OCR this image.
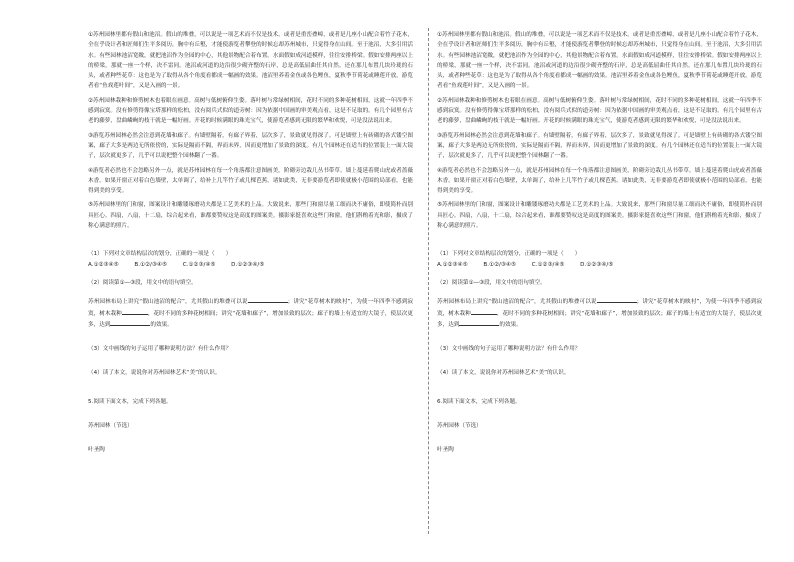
①苏州园林里都有假山和池沼。假山的堆叠，可以说是一项艺术而不仅是技术。或者是重峦叠嶂，或者是几座小山配合着竹子花木，全在乎设计者和匠师们生平多阅历，胸中有丘壑，才能使游览者攀登的时候忘却苏州城市，只觉得身在山间。至于池沼，大多引用活水。有些园林池沼宽敞，就把池沼作为全园的中心，其他景物配合着布置。水面假如成河道模样，往往安排桥梁。假如安排两座以上的桥梁，那就一座一个样，决不雷同。池沼或河道的边沿很少砌齐整的石岸，总是高低屈曲任其自然。还在那儿布置几块玲珑的石头，或者种些花草：这也是为了取得从各个角度看都成一幅画的效果。池沼里养着金鱼或各色鲤鱼，夏秋季节荷花或睡莲开放，游览者看“鱼戏莲叶间”，又是入画的一景。

②苏州园林栽种和修剪树木也着眼在画意。高树与低树俯仰生姿。落叶树与常绿树相间，花时不同的多种花树相间，这就一年四季不感到寂寞。没有修剪得像宝塔那样的松柏，没有阅兵式似的道旁树：因为依据中国画的审美观点看，这是不足取的。有几个园里有古老的藤萝，盘曲嶙峋的枝干就是一幅好画。开花的时候满眼的珠光宝气，使游览者感到无限的繁华和欢悦，可是没法说出来。

③游览苏州园林必然会注意到花墙和廊子。有墙壁隔着，有廊子界着，层次多了，景致就见得深了。可是墙壁上有砖砌的各式镂空图案，廊子大多是两边无所依傍的，实际是隔而不隔，界而未界，因而更增加了景致的深度。有几个园林还在适当的位置装上一面大镜子，层次就更多了，几乎可以说把整个园林翻了一番。

④游览者必然也不会忽略另外一点，就是苏州园林在每一个角落都注意图画美。阶砌旁边栽几丛书带草。墙上蔓延着爬山虎或者蔷薇木香。如果开窗正对着白色墙壁，太单调了，给补上几竿竹子或几棵芭蕉。诸如此类，无非要游览者即使就极小范围的局部看，也能得到美的享受。

⑤苏州园林里的门和窗，图案设计和雕镂琢磨功夫都是工艺美术的上品。大致说来，那些门和窗尽量工细而决不庸俗，即使简朴而别具匠心。四扇，八扇，十二扇，综合起来看，谁都要赞叹这是高度的图案美。摄影家挺喜欢这些门和窗，他们斟酌着光和影，摄成了称心满意的照片。

（1）下列对文章结构层次的划分，正确的一项是（　　）

A.①②③④⑤	B.①②/③④⑤	C.①②③/④⑤	D.①②③④/⑤

（2）阅读第①—③段，用文中的语句填空。

苏州园林布局上讲究“假山池沼的配合”，尤其假山的堆叠可以说	；讲究“花草树木的映衬”，为使一年四季不感到寂寞，树木栽种	，花时不同的多种花树相间；讲究“花墙和廊子”，增加景致的层次；廊子的墙上有适宜的大镜子，使层次更多，达到	的效果。

（3）文中画线的句子运用了哪种说明方法？有什么作用？

（4）读了本文，说说你对苏州园林艺术“美”的认识。

5.阅读下面文本，完成下列各题。

苏州园林（节选）

叶圣陶

①苏州园林里都有假山和池沼。假山的堆叠，可以说是一项艺术而不仅是技术。或者是重峦叠嶂，或者是几座小山配合着竹子花木，全在乎设计者和匠师们生平多阅历，胸中有丘壑，才能使游览者攀登的时候忘却苏州城市，只觉得身在山间。至于池沼，大多引用活水。有些园林池沼宽敞，就把池沼作为全园的中心，其他景物配合着布置。水面假如成河道模样，往往安排桥梁。假如安排两座以上的桥梁，那就一座一个样，决不雷同。池沼或河道的边沿很少砌齐整的石岸，总是高低屈曲任其自然。还在那儿布置几块玲珑的石头，或者种些花草：这也是为了取得从各个角度看都成一幅画的效果。池沼里养着金鱼或各色鲤鱼，夏秋季节荷花或睡莲开放，游览者看“鱼戏莲叶间”，又是入画的一景。

②苏州园林栽种和修剪树木也着眼在画意。高树与低树俯仰生姿。落叶树与常绿树相间，花时不同的多种花树相间，这就一年四季不感到寂寞。没有修剪得像宝塔那样的松柏，没有阅兵式似的道旁树：因为依据中国画的审美观点看，这是不足取的。有几个园里有古老的藤萝，盘曲嶙峋的枝干就是一幅好画。开花的时候满眼的珠光宝气，使游览者感到无限的繁华和欢悦，可是没法说出来。

③游览苏州园林必然会注意到花墙和廊子。有墙壁隔着，有廊子界着，层次多了，景致就见得深了。可是墙壁上有砖砌的各式镂空图案，廊子大多是两边无所依傍的，实际是隔而不隔，界而未界，因而更增加了景致的深度。有几个园林还在适当的位置装上一面大镜子，层次就更多了，几乎可以说把整个园林翻了一番。

④游览者必然也不会忽略另外一点，就是苏州园林在每一个角落都注意图画美。阶砌旁边栽几丛书带草。墙上蔓延着爬山虎或者蔷薇木香。如果开窗正对着白色墙壁，太单调了，给补上几竿竹子或几棵芭蕉。诸如此类，无非要游览者即使就极小范围的局部看，也能得到美的享受。

⑤苏州园林里的门和窗，图案设计和雕镂琢磨功夫都是工艺美术的上品。大致说来，那些门和窗尽量工细而决不庸俗，即使简朴而别具匠心。四扇，八扇，十二扇，综合起来看，谁都要赞叹这是高度的图案美。摄影家挺喜欢这些门和窗，他们斟酌着光和影，摄成了称心满意的照片。

（1）下列对文章结构层次的划分，正确的一项是（　　）

A.①②③④⑤	B.①②/③④⑤	C.①②③/④⑤	D.①②③④/⑤

（2）阅读第①—③段，用文中的语句填空。

苏州园林布局上讲究“假山池沼的配合”，尤其假山的堆叠可以说	；讲究“花草树木的映衬”，为使一年四季不感到寂寞，树木栽种	，花时不同的多种花树相间；讲究“花墙和廊子”，增加景致的层次；廊子的墙上有适宜的大镜子，使层次更多，达到	的效果。

（3）文中画线的句子运用了哪种说明方法？有什么作用？

（4）读了本文，说说你对苏州园林艺术“美”的认识。

6.阅读下面文本，完成下列各题。

苏州园林（节选）

叶圣陶
